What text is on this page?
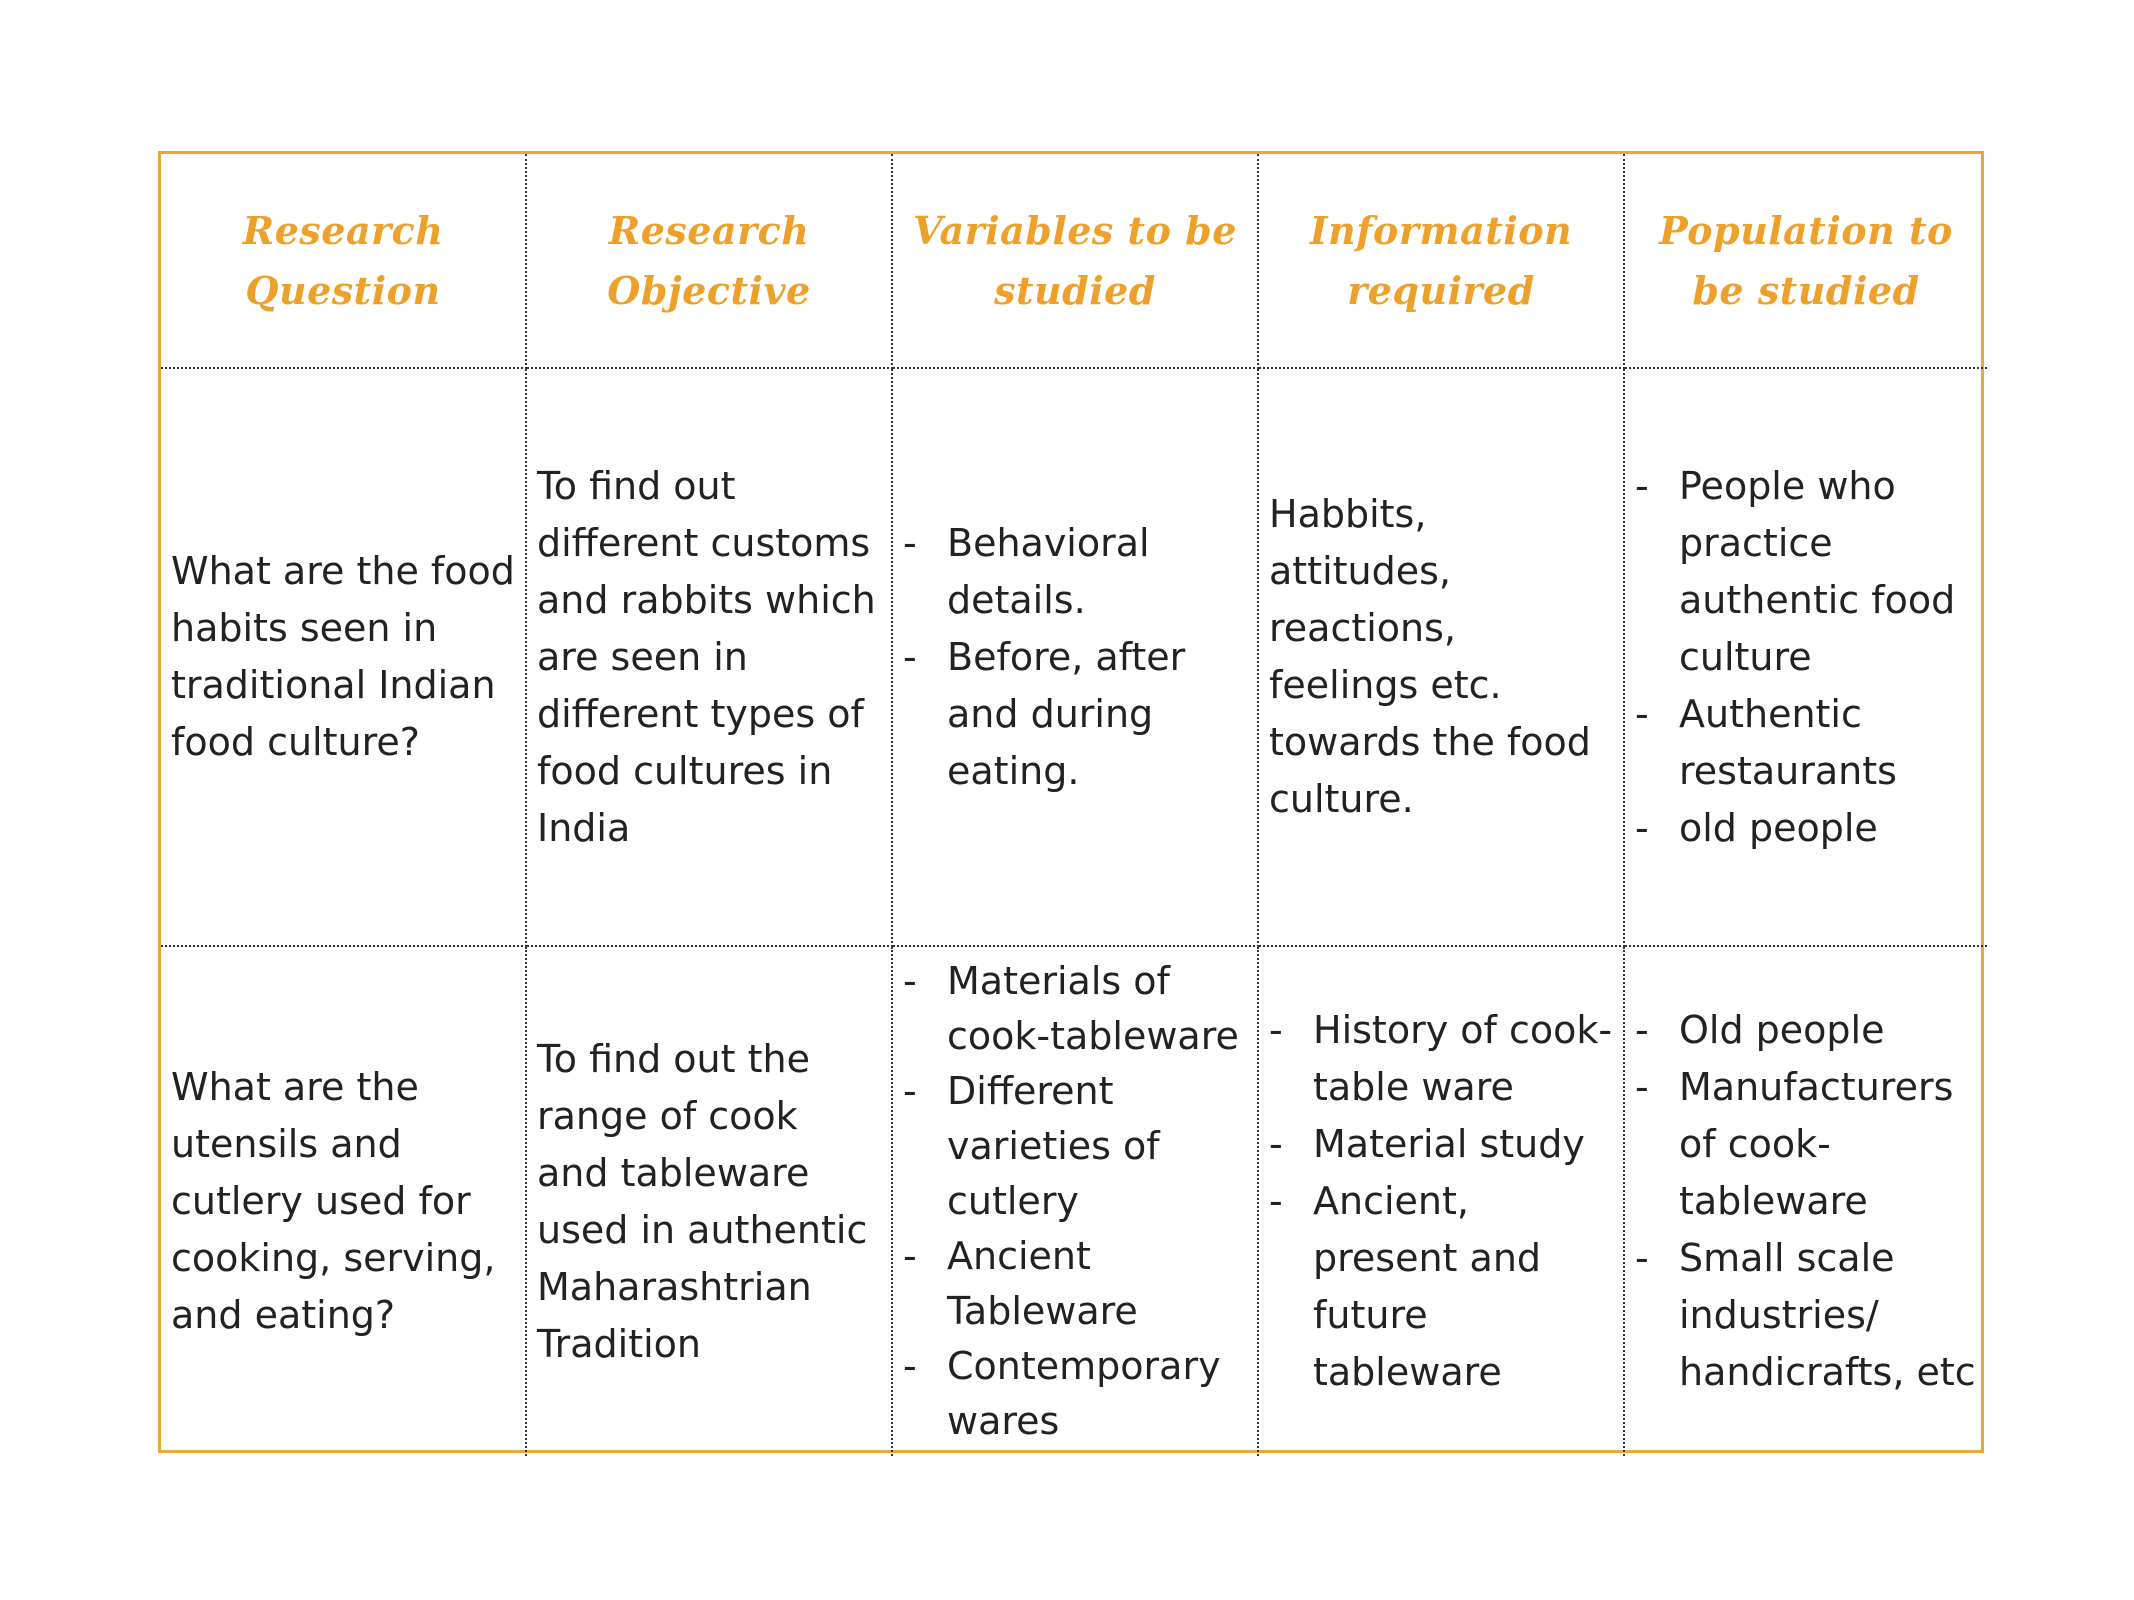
Research Question
Research Objective
Variables to be studied
Information required
Population to be studied
What are the food habits seen in traditional Indian food culture?
To find out different customs and rabbits which are seen in different types of food cultures in India
- Behavioral details.
- Before, after and during eating.
Habbits, attitudes, reactions, feelings etc. towards the food culture.
- People who practice authentic food culture
- Authentic restaurants
- old people
What are the utensils and cutlery used for cooking, serving, and eating?
To find out the range of cook and tableware used in authentic Maharashtrian Tradition
- Materials of cook-tableware
- Different varieties of cutlery
- Ancient Tableware
- Contemporary wares
- History of cook-table ware
- Material study
- Ancient, present and future tableware
- Old people
- Manufacturers of cook-tableware
- Small scale industries/ handicrafts, etc
